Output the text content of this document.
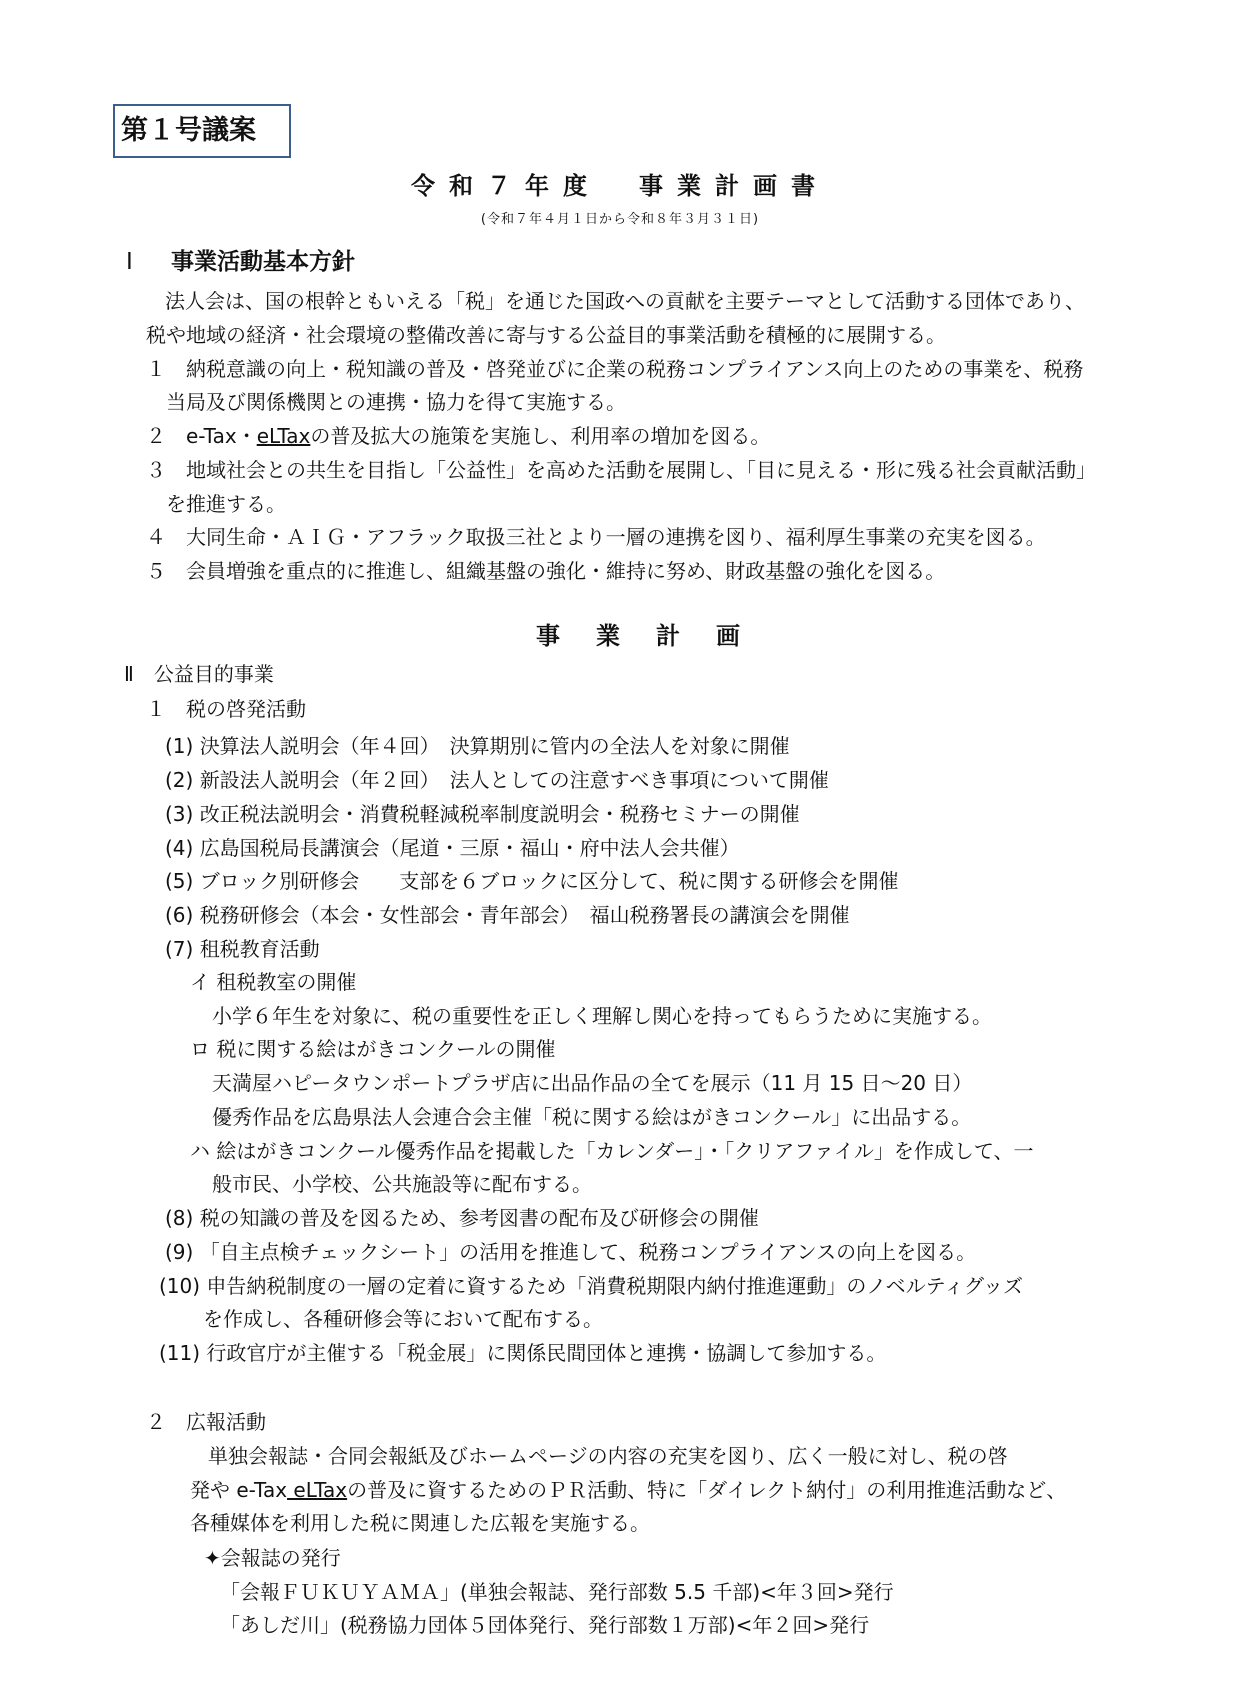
第１号議案
令和７年度　事業計画書
(令和７年４月１日から令和８年３月３１日)
Ⅰ 事業活動基本方針
法人会は、国の根幹ともいえる「税」を通じた国政への貢献を主要テーマとして活動する団体であり、
税や地域の経済・社会環境の整備改善に寄与する公益目的事業活動を積極的に展開する。
１　納税意識の向上・税知識の普及・啓発並びに企業の税務コンプライアンス向上のための事業を、税務
当局及び関係機関との連携・協力を得て実施する。
２　e-Tax・eLTaxの普及拡大の施策を実施し、利用率の増加を図る。
３　地域社会との共生を目指し「公益性」を高めた活動を展開し、「目に見える・形に残る社会貢献活動」
を推進する。
４　大同生命・ＡＩＧ・アフラック取扱三社とより一層の連携を図り、福利厚生事業の充実を図る。
５　会員増強を重点的に推進し、組織基盤の強化・維持に努め、財政基盤の強化を図る。
事業計画
Ⅱ　公益目的事業
１　税の啓発活動
(1) 決算法人説明会（年４回）　決算期別に管内の全法人を対象に開催
(2) 新設法人説明会（年２回）　法人としての注意すべき事項について開催
(3) 改正税法説明会・消費税軽減税率制度説明会・税務セミナーの開催
(4) 広島国税局長講演会（尾道・三原・福山・府中法人会共催）
(5) ブロック別研修会　　支部を６ブロックに区分して、税に関する研修会を開催
(6) 税務研修会（本会・女性部会・青年部会）　福山税務署長の講演会を開催
(7) 租税教育活動
イ 租税教室の開催
小学６年生を対象に、税の重要性を正しく理解し関心を持ってもらうために実施する。
ロ 税に関する絵はがきコンクールの開催
天満屋ハピータウンポートプラザ店に出品作品の全てを展示（11 月 15 日～20 日）
優秀作品を広島県法人会連合会主催「税に関する絵はがきコンクール」に出品する。
ハ 絵はがきコンクール優秀作品を掲載した「カレンダー」・「クリアファイル」を作成して、一
般市民、小学校、公共施設等に配布する。
(8) 税の知識の普及を図るため、参考図書の配布及び研修会の開催
(9) 「自主点検チェックシート」の活用を推進して、税務コンプライアンスの向上を図る。
(10) 申告納税制度の一層の定着に資するため「消費税期限内納付推進運動」のノベルティグッズ
を作成し、各種研修会等において配布する。
(11) 行政官庁が主催する「税金展」に関係民間団体と連携・協調して参加する。
２　広報活動
単独会報誌・合同会報紙及びホームページの内容の充実を図り、広く一般に対し、税の啓
発や e-Tax eLTaxの普及に資するためのＰＲ活動、特に「ダイレクト納付」の利用推進活動など、
各種媒体を利用した税に関連した広報を実施する。
✦会報誌の発行
「会報ＦＵＫＵＹＡＭＡ」(単独会報誌、発行部数 5.5 千部)<年３回>発行
「あしだ川」(税務協力団体５団体発行、発行部数１万部)<年２回>発行
